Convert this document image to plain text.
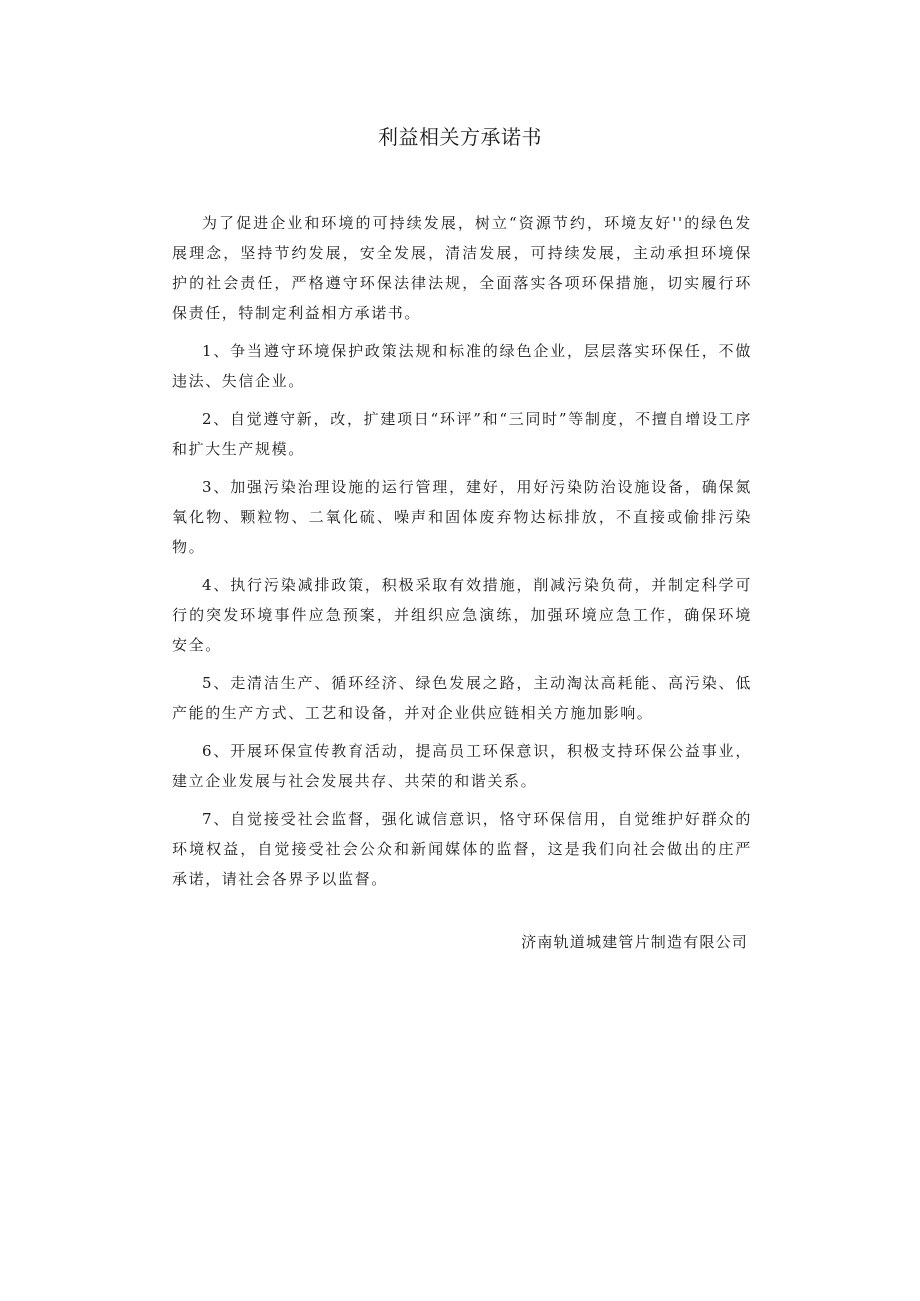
利益相关方承诺书

为了促进企业和环境的可持续发展，树立“资源节约，环境友好''的绿色发展理念，坚持节约发展，安全发展，清洁发展，可持续发展，主动承担环境保护的社会责任，严格遵守环保法律法规，全面落实各项环保措施，切实履行环保责任，特制定利益相方承诺书。

1、争当遵守环境保护政策法规和标准的绿色企业，层层落实环保任，不做违法、失信企业。

2、自觉遵守新，改，扩建项日“环评”和“三同时”等制度，不擅自增设工序和扩大生产规模。

3、加强污染治理设施的运行管理，建好，用好污染防治设施设备，确保氮氧化物、颗粒物、二氧化硫、噪声和固体废弃物达标排放，不直接或偷排污染物。

4、执行污染减排政策，积极采取有效措施，削减污染负荷，并制定科学可行的突发环境事件应急预案，并组织应急演练，加强环境应急工作，确保环境安全。

5、走清洁生产、循环经济、绿色发展之路，主动淘汰高耗能、高污染、低产能的生产方式、工艺和设备，并对企业供应链相关方施加影响。

6、开展环保宣传教育活动，提高员工环保意识，积极支持环保公益事业，建立企业发展与社会发展共存、共荣的和谐关系。

7、自觉接受社会监督，强化诚信意识，恪守环保信用，自觉维护好群众的环境权益，自觉接受社会公众和新闻媒体的监督，这是我们向社会做出的庄严承诺，请社会各界予以监督。

济南轨道城建管片制造有限公司
